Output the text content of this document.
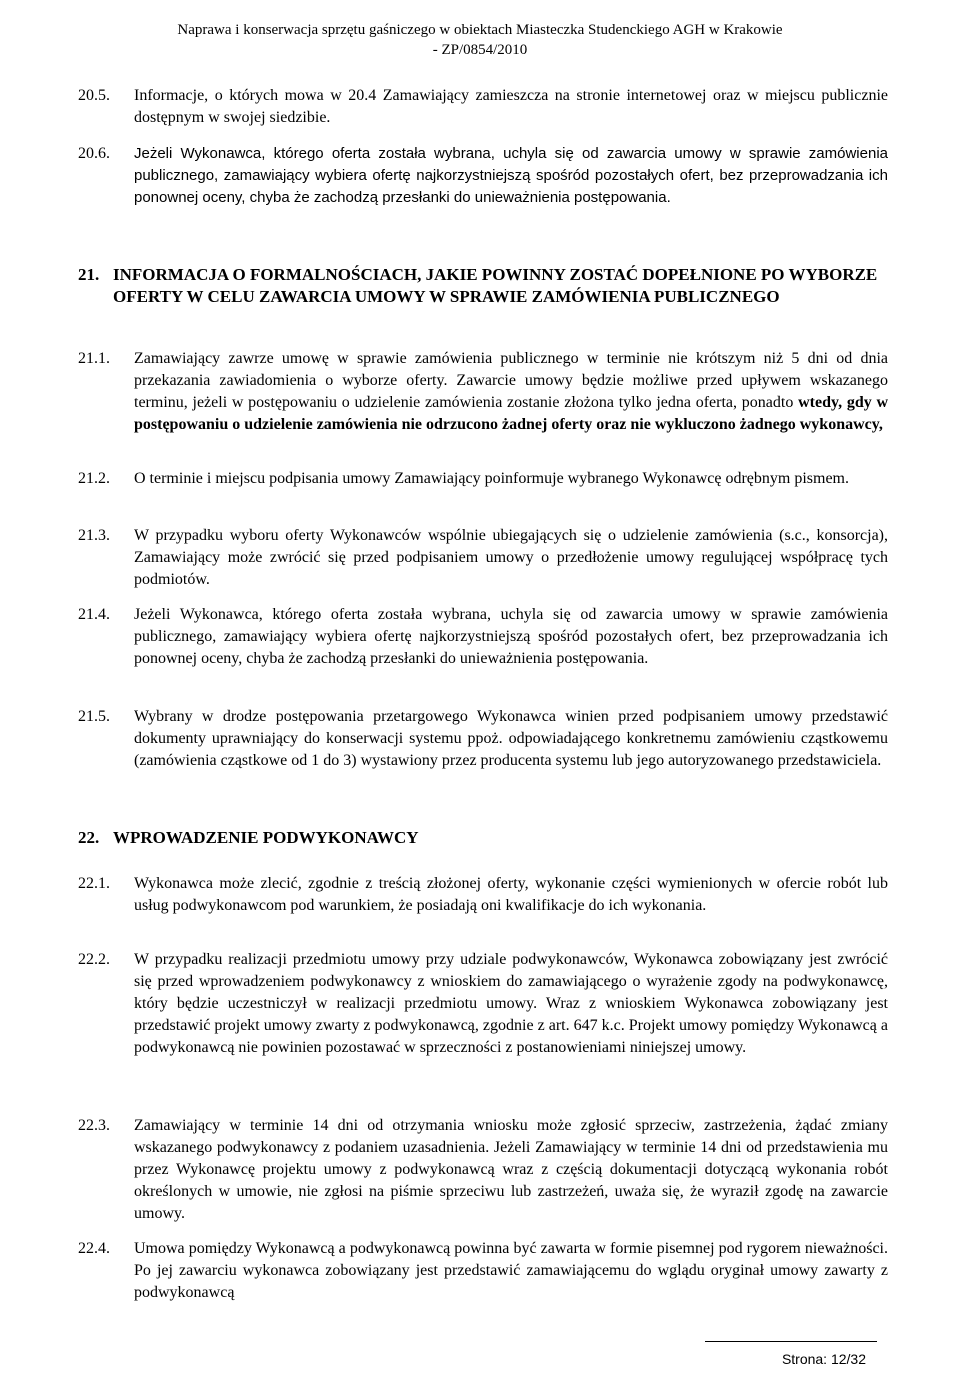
Naprawa i konserwacja sprzętu gaśniczego w obiektach Miasteczka Studenckiego AGH w Krakowie
- ZP/0854/2010
20.5. Informacje, o których mowa w 20.4 Zamawiający zamieszcza na stronie internetowej oraz w miejscu publicznie dostępnym w swojej siedzibie.
20.6. Jeżeli Wykonawca, którego oferta została wybrana, uchyla się od zawarcia umowy w sprawie zamówienia publicznego, zamawiający wybiera ofertę najkorzystniejszą spośród pozostałych ofert, bez przeprowadzania ich ponownej oceny, chyba że zachodzą przesłanki do unieważnienia postępowania.
21. INFORMACJA O FORMALNOŚCIACH, JAKIE POWINNY ZOSTAĆ DOPEŁNIONE PO WYBORZE OFERTY W CELU ZAWARCIA UMOWY W SPRAWIE ZAMÓWIENIA PUBLICZNEGO
21.1. Zamawiający zawrze umowę w sprawie zamówienia publicznego w terminie nie krótszym niż 5 dni od dnia przekazania zawiadomienia o wyborze oferty. Zawarcie umowy będzie możliwe przed upływem wskazanego terminu, jeżeli w postępowaniu o udzielenie zamówienia zostanie złożona tylko jedna oferta, ponadto wtedy, gdy w postępowaniu o udzielenie zamówienia nie odrzucono żadnej oferty oraz nie wykluczono żadnego wykonawcy,
21.2. O terminie i miejscu podpisania umowy Zamawiający poinformuje wybranego Wykonawcę odrębnym pismem.
21.3. W przypadku wyboru oferty Wykonawców wspólnie ubiegających się o udzielenie zamówienia (s.c., konsorcja), Zamawiający może zwrócić się przed podpisaniem umowy o przedłożenie umowy regulującej współpracę tych podmiotów.
21.4. Jeżeli Wykonawca, którego oferta została wybrana, uchyla się od zawarcia umowy w sprawie zamówienia publicznego, zamawiający wybiera ofertę najkorzystniejszą spośród pozostałych ofert, bez przeprowadzania ich ponownej oceny, chyba że zachodzą przesłanki do unieważnienia postępowania.
21.5. Wybrany w drodze postępowania przetargowego Wykonawca winien przed podpisaniem umowy przedstawić dokumenty uprawniający do konserwacji systemu ppoż. odpowiadającego konkretnemu zamówieniu cząstkowemu (zamówienia cząstkowe od 1 do 3) wystawiony przez producenta systemu lub jego autoryzowanego przedstawiciela.
22. WPROWADZENIE PODWYKONAWCY
22.1. Wykonawca może zlecić, zgodnie z treścią złożonej oferty, wykonanie części wymienionych w ofercie robót lub usług podwykonawcom pod warunkiem, że posiadają oni kwalifikacje do ich wykonania.
22.2. W przypadku realizacji przedmiotu umowy przy udziale podwykonawców, Wykonawca zobowiązany jest zwrócić się przed wprowadzeniem podwykonawcy z wnioskiem do zamawiającego o wyrażenie zgody na podwykonawcę, który będzie uczestniczył w realizacji przedmiotu umowy. Wraz z wnioskiem Wykonawca zobowiązany jest przedstawić projekt umowy zwarty z podwykonawcą, zgodnie z art. 647 k.c. Projekt umowy pomiędzy Wykonawcą a podwykonawcą nie powinien pozostawać w sprzeczności z postanowieniami niniejszej umowy.
22.3. Zamawiający w terminie 14 dni od otrzymania wniosku może zgłosić sprzeciw, zastrzeżenia, żądać zmiany wskazanego podwykonawcy z podaniem uzasadnienia. Jeżeli Zamawiający w terminie 14 dni od przedstawienia mu przez Wykonawcę projektu umowy z podwykonawcą wraz z częścią dokumentacji dotyczącą wykonania robót określonych w umowie, nie zgłosi na piśmie sprzeciwu lub zastrzeżeń, uważa się, że wyraził zgodę na zawarcie umowy.
22.4. Umowa pomiędzy Wykonawcą a podwykonawcą powinna być zawarta w formie pisemnej pod rygorem nieważności. Po jej zawarciu wykonawca zobowiązany jest przedstawić zamawiającemu do wglądu oryginał umowy zawarty z podwykonawcą
Strona: 12/32
